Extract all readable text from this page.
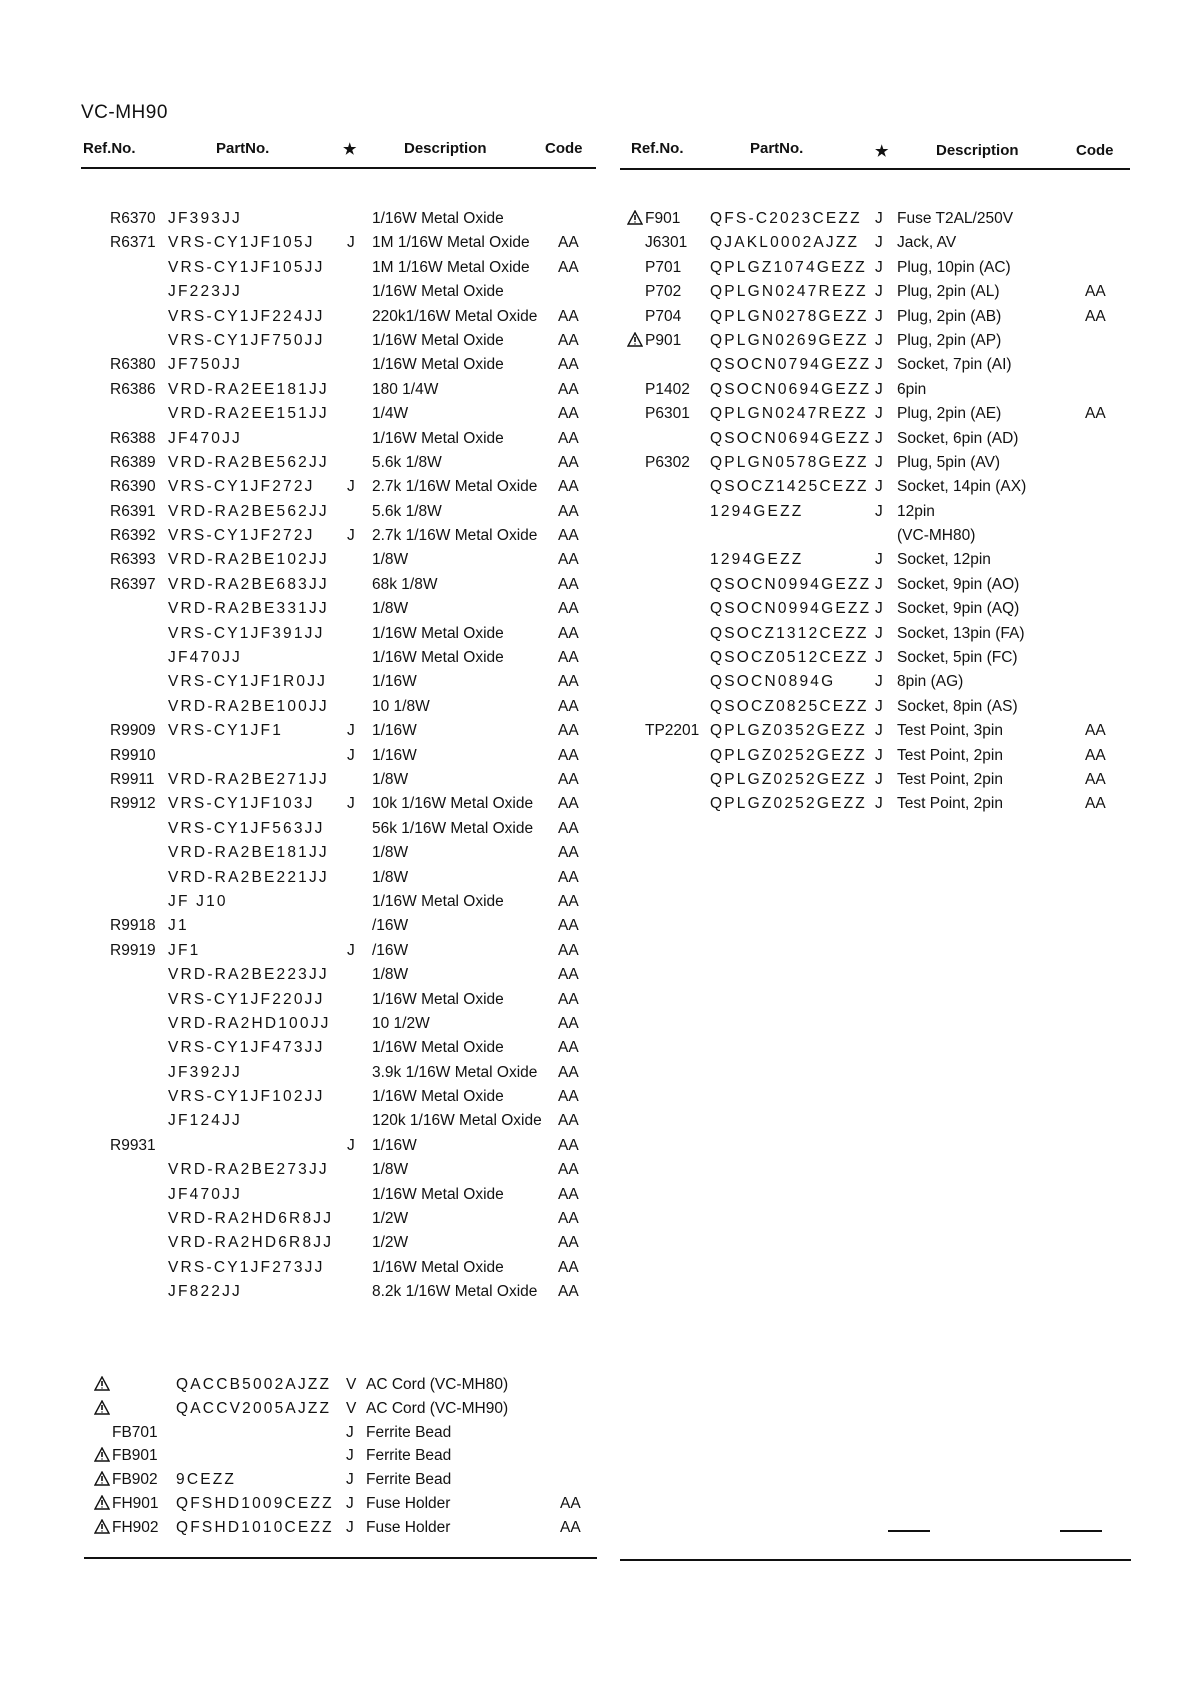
VC-MH90
Ref.No.	PartNo.	★	Description	Code	Ref.No.	PartNo.	★	Description	Code
R6370 JF393JJ	1/16W Metal Oxide
R6371 VRS-CY1JF105J J 1M 1/16W Metal Oxide AA
VRS-CY1JF105JJ	1M 1/16W Metal Oxide AA
JF223JJ	1/16W Metal Oxide
VRS-CY1JF224JJ	220k1/16W Metal Oxide AA
VRS-CY1JF750JJ	1/16W Metal Oxide	AA
R6380 JF750JJ	1/16W Metal Oxide	AA
R6386 VRD-RA2EE181JJ	180 1/4W	AA
VRD-RA2EE151JJ	1/4W	AA
R6388 JF470JJ	1/16W Metal Oxide	AA
R6389 VRD-RA2BE562JJ	5.6k 1/8W	AA
R6390 VRS-CY1JF272J J 2.7k 1/16W Metal Oxide AA
R6391 VRD-RA2BE562JJ	5.6k 1/8W	AA
R6392 VRS-CY1JF272J J 2.7k 1/16W Metal Oxide AA
R6393 VRD-RA2BE102JJ	1/8W	AA
R6397 VRD-RA2BE683JJ	68k 1/8W	AA
VRD-RA2BE331JJ	1/8W	AA
VRS-CY1JF391JJ	1/16W Metal Oxide	AA
JF470JJ	1/16W Metal Oxide	AA
VRS-CY1JF1R0JJ	1/16W	AA
VRD-RA2BE100JJ	10 1/8W	AA
R9909 VRS-CY1JF1	J 1/16W	AA
R9910	J 1/16W	AA
R9911 VRD-RA2BE271JJ	1/8W	AA
R9912 VRS-CY1JF103J J 10k 1/16W Metal Oxide AA
VRS-CY1JF563JJ	56k 1/16W Metal Oxide AA
VRD-RA2BE181JJ	1/8W	AA
VRD-RA2BE221JJ	1/8W	AA
JF J10	1/16W Metal Oxide	AA
R9918 J1	/16W	AA
R9919 JF1	J /16W	AA
VRD-RA2BE223JJ	1/8W	AA
VRS-CY1JF220JJ	1/16W Metal Oxide	AA
VRD-RA2HD100JJ	10 1/2W	AA
VRS-CY1JF473JJ	1/16W Metal Oxide	AA
JF392JJ	3.9k 1/16W Metal Oxide AA
VRS-CY1JF102JJ	1/16W Metal Oxide	AA
JF124JJ	120k 1/16W Metal Oxide AA
R9931	J 1/16W	AA
VRD-RA2BE273JJ	1/8W	AA
JF470JJ	1/16W Metal Oxide	AA
VRD-RA2HD6R8JJ	1/2W	AA
VRD-RA2HD6R8JJ	1/2W	AA
VRS-CY1JF273JJ	1/16W Metal Oxide	AA
JF822JJ	8.2k 1/16W Metal Oxide AA
QACCB5002AJZZ V AC Cord (VC-MH80)
QACCV2005AJZZ V AC Cord (VC-MH90)
FB701	J Ferrite Bead
FB901	J Ferrite Bead
FB902 9CEZZ	J Ferrite Bead
FH901 QFSHD1009CEZZ J Fuse Holder	AA
FH902 QFSHD1010CEZZ J Fuse Holder	AA
F901 QFS-C2023CEZZ J Fuse T2AL/250V
J6301 QJAKL0002AJZZ J Jack, AV
P701 QPLGZ1074GEZZ J Plug, 10pin (AC)
P702 QPLGN0247REZZ J Plug, 2pin (AL)	AA
P704 QPLGN0278GEZZ J Plug, 2pin (AB)	AA
P901 QPLGN0269GEZZ J Plug, 2pin (AP)
QSOCN0794GEZZ J Socket, 7pin (AI)
P1402 QSOCN0694GEZZ J 6pin
P6301 QPLGN0247REZZ J Plug, 2pin (AE)	AA
QSOCN0694GEZZ J Socket, 6pin (AD)
P6302 QPLGN0578GEZZ J Plug, 5pin (AV)
QSOCZ1425CEZZ J Socket, 14pin (AX)
1294GEZZ	J 12pin
(VC-MH80)
1294GEZZ	J Socket, 12pin
QSOCN0994GEZZ J Socket, 9pin (AO)
QSOCN0994GEZZ J Socket, 9pin (AQ)
QSOCZ1312CEZZ J Socket, 13pin (FA)
QSOCZ0512CEZZ J Socket, 5pin (FC)
QSOCN0894G	J 8pin (AG)
QSOCZ0825CEZZ J Socket, 8pin (AS)
TP2201 QPLGZ0352GEZZ J Test Point, 3pin	AA
QPLGZ0252GEZZ J Test Point, 2pin	AA
QPLGZ0252GEZZ J Test Point, 2pin	AA
QPLGZ0252GEZZ J Test Point, 2pin	AA
